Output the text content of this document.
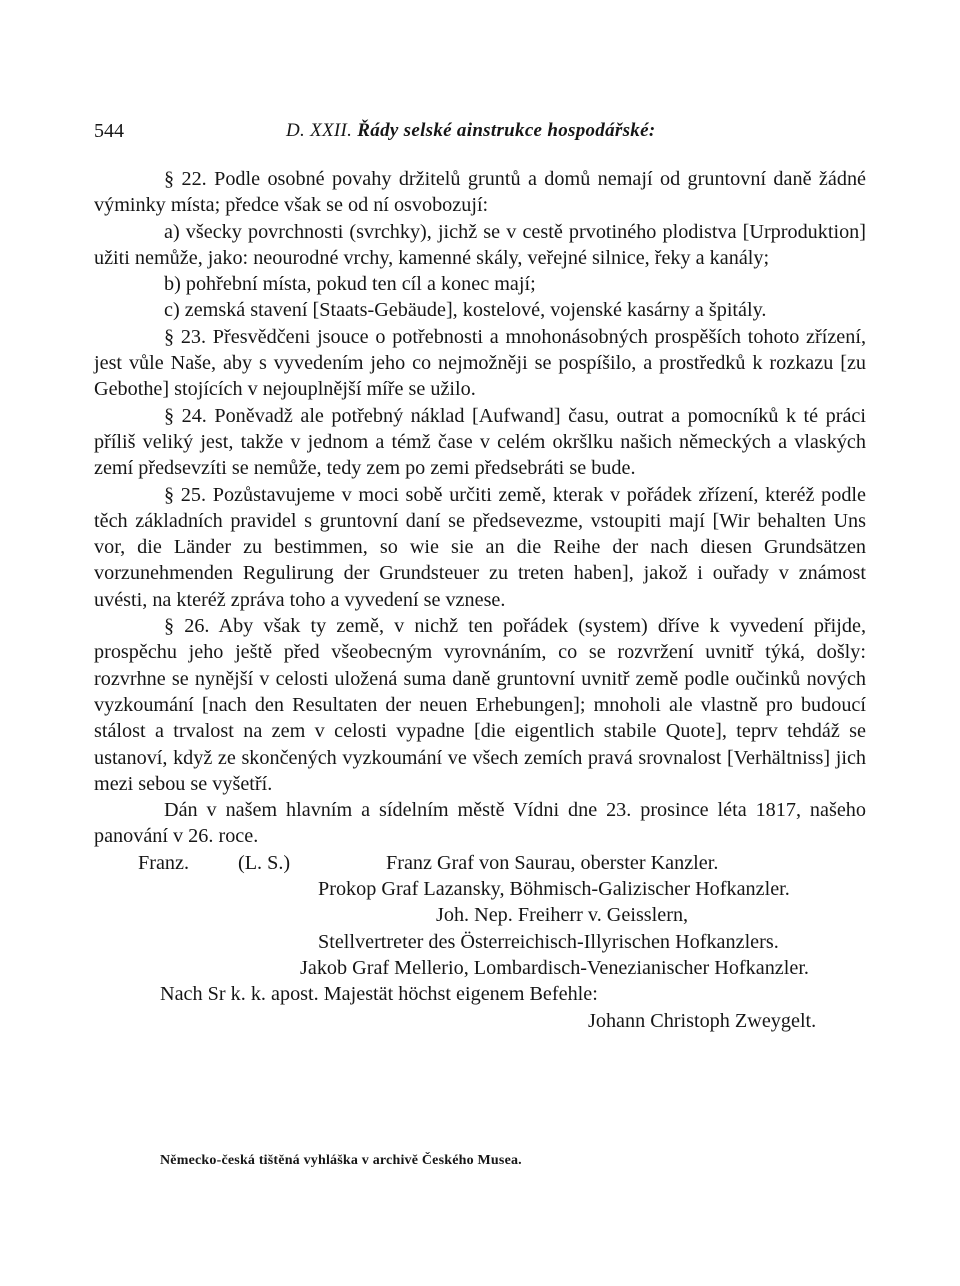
544	D. XXII. Řády selské ainstrukce hospodářské:

§ 22. Podle osobné povahy držitelů gruntů a domů nemají od gruntovní daně žádné výminky místa; předce však se od ní osvobozují:

a) všecky povrchnosti (svrchky), jichž se v cestě prvotiného plodistva [Urproduktion] užiti nemůže, jako: neourodné vrchy, kamenné skály, veřejné silnice, řeky a kanály;

b) pohřební místa, pokud ten cíl a konec mají;

c) zemská stavení [Staats-Gebäude], kostelové, vojenské kasárny a špitály.

§ 23. Přesvědčeni jsouce o potřebnosti a mnohonásobných prospěších tohoto zřízení, jest vůle Naše, aby s vyvedením jeho co nejmožněji se pospíšilo, a prostředků k rozkazu [zu Gebothe] stojících v nejouplnější míře se užilo.

§ 24. Poněvadž ale potřebný náklad [Aufwand] času, outrat a pomocníků k té práci příliš veliký jest, takže v jednom a témž čase v celém okršlku našich německých a vlaských zemí předsevzíti se nemůže, tedy zem po zemi předsebráti se bude.

§ 25. Pozůstavujeme v moci sobě určiti země, kterak v pořádek zřízení, kteréž podle těch základních pravidel s gruntovní daní se předsevezme, vstoupiti mají [Wir behalten Uns vor, die Länder zu bestimmen, so wie sie an die Reihe der nach diesen Grundsätzen vorzunehmenden Regulirung der Grundsteuer zu treten haben], jakož i ouřady v známost uvésti, na kteréž zpráva toho a vyvedení se vznese.

§ 26. Aby však ty země, v nichž ten pořádek (system) dříve k vyvedení přijde, prospěchu jeho ještě před všeobecným vyrovnáním, co se rozvržení uvnitř týká, došly: rozvrhne se nynější v celosti uložená suma daně gruntovní uvnitř země podle oučinků nových vyzkoumání [nach den Resultaten der neuen Erhebungen]; mnoholi ale vlastně pro budoucí stálost a trvalost na zem v celosti vypadne [die eigentlich stabile Quote], teprv tehdáž se ustanoví, když ze skončených vyzkoumání ve všech zemích pravá srovnalost [Verhältniss] jich mezi sebou se vyšetří.

Dán v našem hlavním a sídelním městě Vídni dne 23. prosince léta 1817, našeho panování v 26. roce.

Franz. (L. S.)	Franz Graf von Saurau, oberster Kanzler.
Prokop Graf Lazansky, Böhmisch-Galizischer Hofkanzler.
Joh. Nep. Freiherr v. Geisslern,
Stellvertreter des Österreichisch-Illyrischen Hofkanzlers.
Jakob Graf Mellerio, Lombardisch-Venezianischer Hofkanzler.
Nach Sr k. k. apost. Majestät höchst eigenem Befehle:
Johann Christoph Zweygelt.
Německo-česká tištěná vyhláška v archivě Českého Musea.
